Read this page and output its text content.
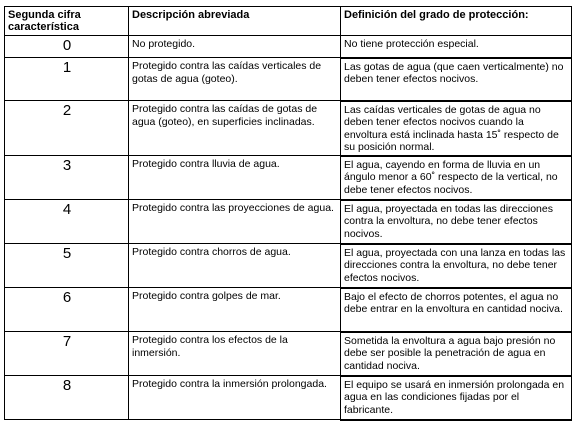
Segunda cifra característica	Descripción abreviada	Definición del grado de protección:
0	No protegido.	No tiene protección especial.
1	Protegido contra las caídas verticales de gotas de agua (goteo).	Las gotas de agua (que caen verticalmente) no deben tener efectos nocivos.
2	Protegido contra las caídas de gotas de agua (goteo), en superficies inclinadas.	Las caídas verticales de gotas de agua no deben tener efectos nocivos cuando la envoltura está inclinada hasta 15˚ respecto de su posición normal.
3	Protegido contra lluvia de agua.	El agua, cayendo en forma de lluvia en un ángulo menor a 60˚ respecto de la vertical, no debe tener efectos nocivos.
4	Protegido contra las proyecciones de agua.	El agua, proyectada en todas las direcciones contra la envoltura, no debe tener efectos nocivos.
5	Protegido contra chorros de agua.	El agua, proyectada con una lanza en todas las direcciones contra la envoltura, no debe tener efectos nocivos.
6	Protegido contra golpes de mar.	Bajo el efecto de chorros potentes, el agua no debe entrar en la envoltura en cantidad nociva.
7	Protegido contra los efectos de la inmersión.	Sometida la envoltura a agua bajo presión no debe ser posible la penetración de agua en cantidad nociva.
8	Protegido contra la inmersión prolongada.	El equipo se usará en inmersión prolongada en agua en las condiciones fijadas por el fabricante.
